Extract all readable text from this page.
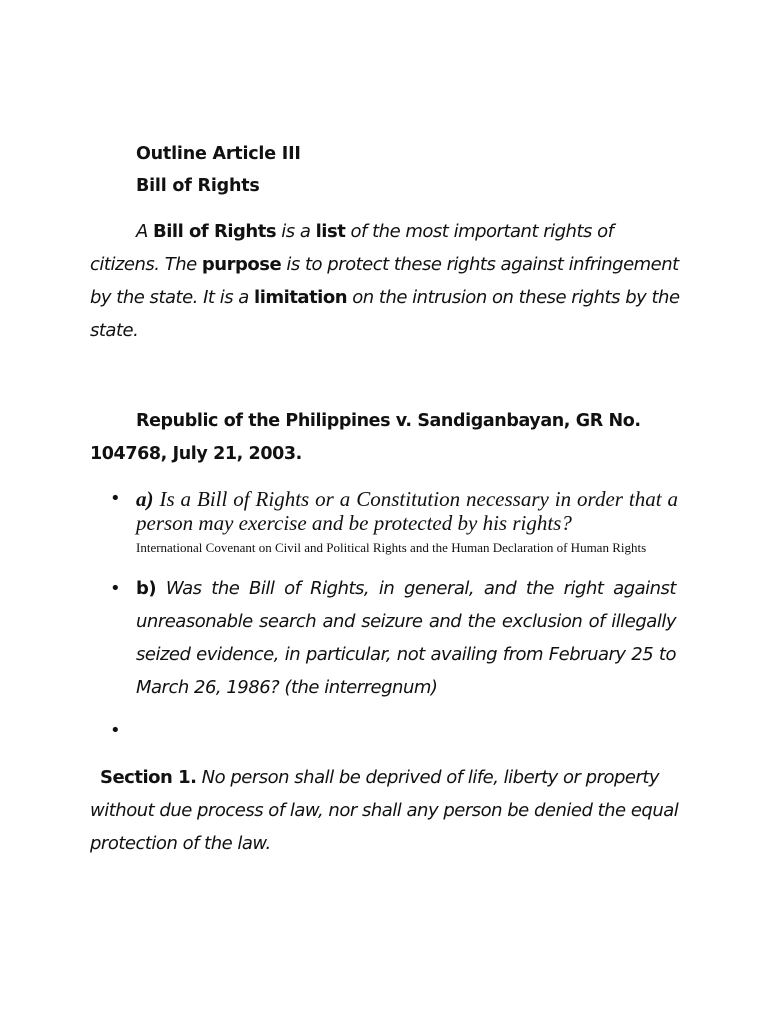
Outline Article III
Bill of Rights
A Bill of Rights is a list of the most important rights of citizens. The purpose is to protect these rights against infringement by the state. It is a limitation on the intrusion on these rights by the state.
Republic of the Philippines v. Sandiganbayan, GR No. 104768, July 21, 2003.
• a) Is a Bill of Rights or a Constitution necessary in order that a person may exercise and be protected by his rights?
International Covenant on Civil and Political Rights and the Human Declaration of Human Rights
• b) Was the Bill of Rights, in general, and the right against unreasonable search and seizure and the exclusion of illegally seized evidence, in particular, not availing from February 25 to March 26, 1986? (the interregnum)
•
Section 1. No person shall be deprived of life, liberty or property without due process of law, nor shall any person be denied the equal protection of the law.
